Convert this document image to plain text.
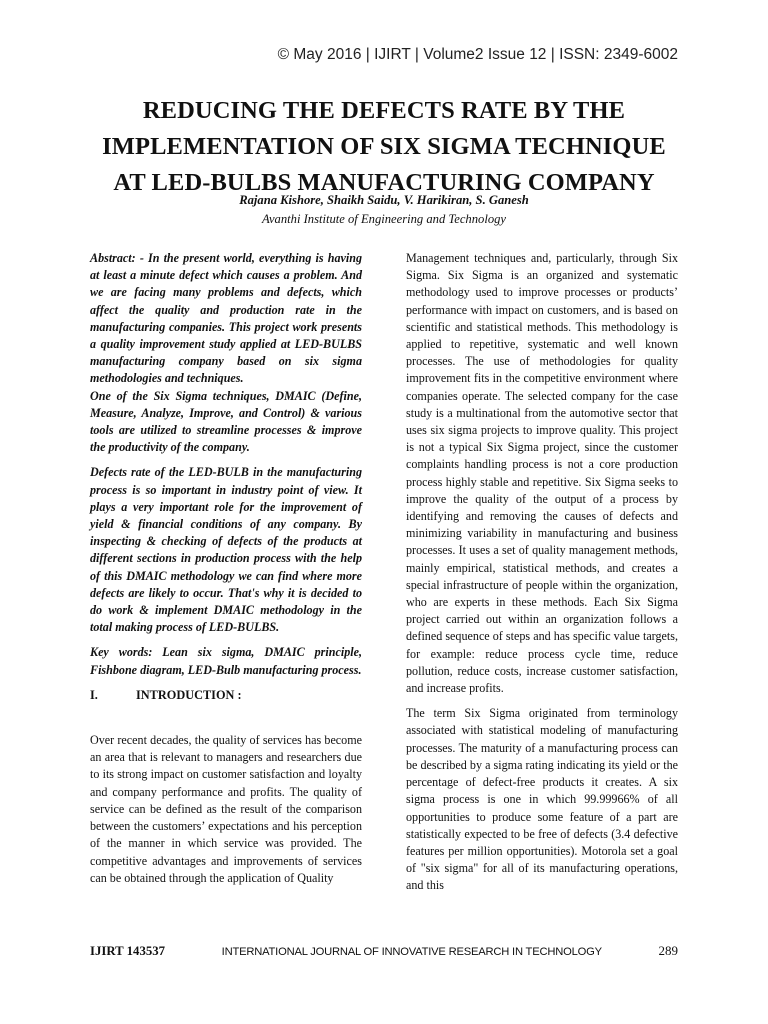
© May 2016 | IJIRT | Volume2 Issue 12 | ISSN: 2349-6002
REDUCING THE DEFECTS RATE BY THE
IMPLEMENTATION OF SIX SIGMA TECHNIQUE
AT LED-BULBS MANUFACTURING COMPANY
Rajana Kishore, Shaikh Saidu, V. Harikiran, S. Ganesh
Avanthi Institute of Engineering and Technology

Abstract: - In the present world, everything is having at least a minute defect which causes a problem. And we are facing many problems and defects, which affect the quality and production rate in the manufacturing companies. This project work presents a quality improvement study applied at LED-BULBS manufacturing company based on six sigma methodologies and techniques.

One of the Six Sigma techniques, DMAIC (Define, Measure, Analyze, Improve, and Control) & various tools are utilized to streamline processes & improve the productivity of the company.

Defects rate of the LED-BULB in the manufacturing process is so important in industry point of view. It plays a very important role for the improvement of yield & financial conditions of any company. By inspecting & checking of defects of the products at different sections in production process with the help of this DMAIC methodology we can find where more defects are likely to occur. That's why it is decided to do work & implement DMAIC methodology in the total making process of LED-BULBS.

Key words: Lean six sigma, DMAIC principle, Fishbone diagram, LED-Bulb manufacturing process.

I.	INTRODUCTION :

Over recent decades, the quality of services has become an area that is relevant to managers and researchers due to its strong impact on customer satisfaction and loyalty and company performance and profits. The quality of service can be defined as the result of the comparison between the customers’ expectations and his perception of the manner in which service was provided. The competitive advantages and improvements of services can be obtained through the application of Quality

Management techniques and, particularly, through Six Sigma. Six Sigma is an organized and systematic methodology used to improve processes or products’ performance with impact on customers, and is based on scientific and statistical methods. This methodology is applied to repetitive, systematic and well known processes. The use of methodologies for quality improvement fits in the competitive environment where companies operate. The selected company for the case study is a multinational from the automotive sector that uses six sigma projects to improve quality. This project is not a typical Six Sigma project, since the customer complaints handling process is not a core production process highly stable and repetitive. Six Sigma seeks to improve the quality of the output of a process by identifying and removing the causes of defects and minimizing variability in manufacturing and business processes. It uses a set of quality management methods, mainly empirical, statistical methods, and creates a special infrastructure of people within the organization, who are experts in these methods. Each Six Sigma project carried out within an organization follows a defined sequence of steps and has specific value targets, for example: reduce process cycle time, reduce pollution, reduce costs, increase customer satisfaction, and increase profits.

The term Six Sigma originated from terminology associated with statistical modeling of manufacturing processes. The maturity of a manufacturing process can be described by a sigma rating indicating its yield or the percentage of defect-free products it creates. A six sigma process is one in which 99.99966% of all opportunities to produce some feature of a part are statistically expected to be free of defects (3.4 defective features per million opportunities). Motorola set a goal of "six sigma" for all of its manufacturing operations, and this

IJIRT 143537	INTERNATIONAL JOURNAL OF INNOVATIVE RESEARCH IN TECHNOLOGY	289
